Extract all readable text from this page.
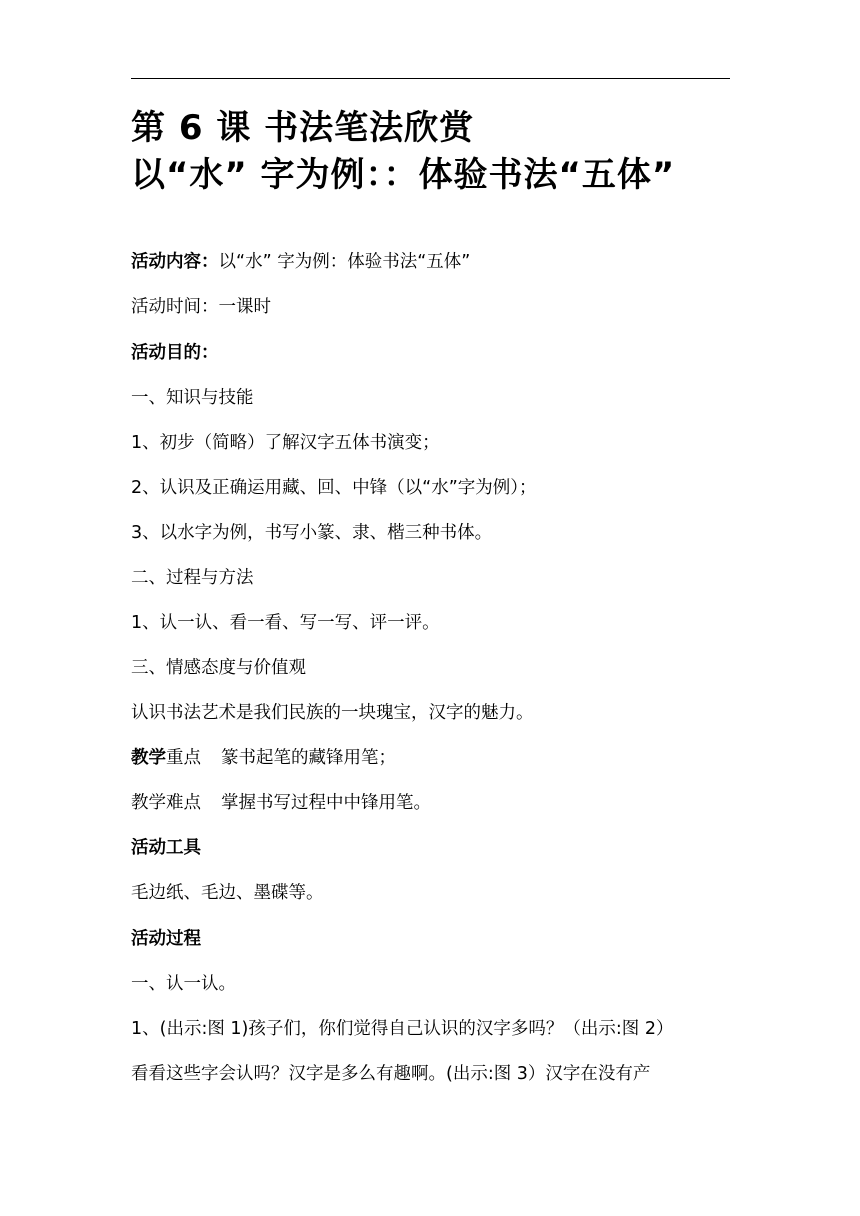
第 6 课 书法笔法欣赏
以“水” 字为例：：体验书法“五体”

活动内容：以“水” 字为例：体验书法“五体”

活动时间：一课时

活动目的：

一、知识与技能

1、初步（简略）了解汉字五体书演变；

2、认识及正确运用藏、回、中锋（以“水”字为例）；

3、以水字为例，书写小篆、隶、楷三种书体。

二、过程与方法

1、认一认、看一看、写一写、评一评。

三、情感态度与价值观

认识书法艺术是我们民族的一块瑰宝，汉字的魅力。

教学重点 篆书起笔的藏锋用笔；

教学难点 掌握书写过程中中锋用笔。

活动工具

毛边纸、毛边、墨碟等。

活动过程

一、认一认。

1、(出示:图 1)孩子们，你们觉得自己认识的汉字多吗？（出示:图 2）

看看这些字会认吗？汉字是多么有趣啊。(出示:图 3）汉字在没有产
